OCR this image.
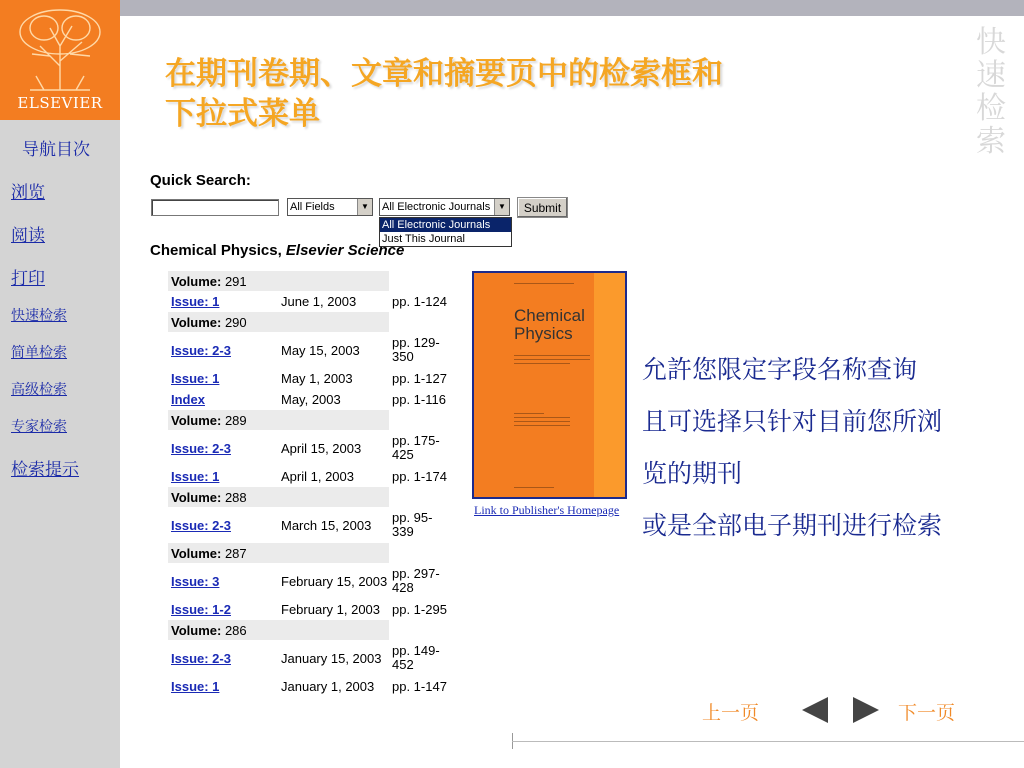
ELSEVIER
导航目次
浏览
阅读
打印
快速检索
简单检索
高级检索
专家检索
检索提示
快速检索
在期刊卷期、文章和摘要页中的检索框和
下拉式菜单
Quick Search:
All Fields	▼ All Electronic Journals ▼
All Electronic Journals
Just This Journal
Submit
Chemical Physics, Elsevier Science
Volume: 291		
Issue: 1	June 1, 2003	pp. 1-124
Volume: 290		
Issue: 2-3	May 15, 2003	pp. 129-350
Issue: 1	May 1, 2003	pp. 1-127
Index	May, 2003	pp. 1-116
Volume: 289		
Issue: 2-3	April 15, 2003	pp. 175-425
Issue: 1	April 1, 2003	pp. 1-174
Volume: 288		
Issue: 2-3	March 15, 2003	pp. 95-339
Volume: 287		
Issue: 3	February 15, 2003	pp. 297-428
Issue: 1-2	February 1, 2003	pp. 1-295
Volume: 286		
Issue: 2-3	January 15, 2003	pp. 149-452
Issue: 1	January 1, 2003	pp. 1-147
Chemical
Physics
Link to Publisher's Homepage
允許您限定字段名称查询
且可选择只针对目前您所浏
览的期刊
或是全部电子期刊进行检索
上一页	下一页
